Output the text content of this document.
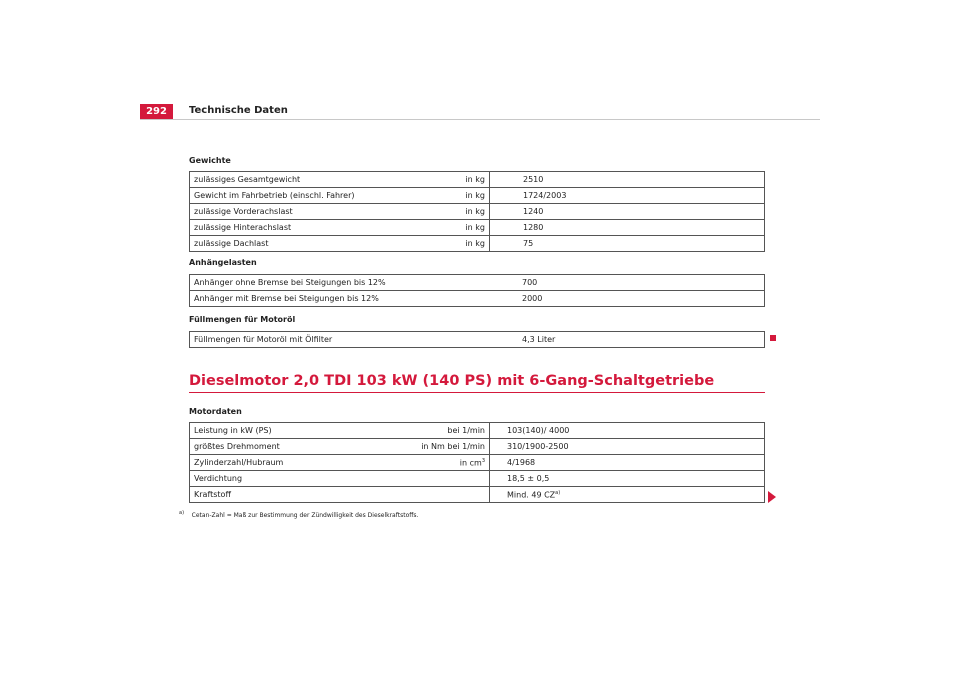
292	Technische Daten
Gewichte
zulässiges Gesamtgewicht	in kg	2510
Gewicht im Fahrbetrieb (einschl. Fahrer)	in kg	1724/2003
zulässige Vorderachslast	in kg	1240
zulässige Hinterachslast	in kg	1280
zulässige Dachlast	in kg	75
Anhängelasten
Anhänger ohne Bremse bei Steigungen bis 12%	700
Anhänger mit Bremse bei Steigungen bis 12%	2000
Füllmengen für Motoröl
Füllmengen für Motoröl mit Ölfilter	4,3 Liter
Dieselmotor 2,0 TDI 103 kW (140 PS) mit 6-Gang-Schaltgetriebe
Motordaten
Leistung in kW (PS)	bei 1/min	103(140)/ 4000
größtes Drehmoment	in Nm bei 1/min	310/1900-2500
Zylinderzahl/Hubraum	in $cm^3$	4/1968
Verdichtung		18,5 ± 0,5
Kraftstoff		Mind. 49 CZ$^{a)}$
$^{a)}$ Cetan-Zahl = Maß zur Bestimmung der Zündwilligkeit des Dieselkraftstoffs.
